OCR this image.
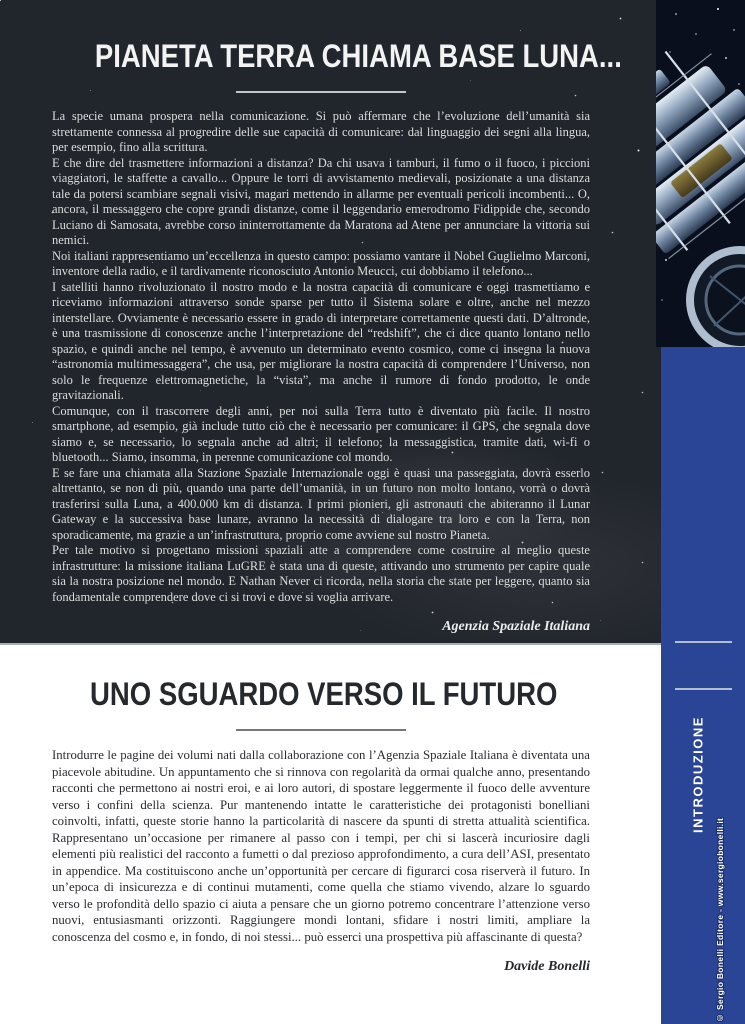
PIANETA TERRA CHIAMA BASE LUNA...

La specie umana prospera nella comunicazione. Si può affermare che l’evoluzione dell’umanità sia strettamente connessa al progredire delle sue capacità di comunicare: dal linguaggio dei segni alla lingua, per esempio, fino alla scrittura.

E che dire del trasmettere informazioni a distanza? Da chi usava i tamburi, il fumo o il fuoco, i piccioni viaggiatori, le staffette a cavallo... Oppure le torri di avvistamento medievali, posizionate a una distanza tale da potersi scambiare segnali visivi, magari mettendo in allarme per eventuali pericoli incombenti... O, ancora, il messaggero che copre grandi distanze, come il leggendario emerodromo Fidippide che, secondo Luciano di Samosata, avrebbe corso ininterrottamente da Maratona ad Atene per annunciare la vittoria sui nemici.

Noi italiani rappresentiamo un’eccellenza in questo campo: possiamo vantare il Nobel Guglielmo Marconi, inventore della radio, e il tardivamente riconosciuto Antonio Meucci, cui dobbiamo il telefono...

I satelliti hanno rivoluzionato il nostro modo e la nostra capacità di comunicare e oggi trasmettiamo e riceviamo informazioni attraverso sonde sparse per tutto il Sistema solare e oltre, anche nel mezzo interstellare. Ovviamente è necessario essere in grado di interpretare correttamente questi dati. D’altronde, è una trasmissione di conoscenze anche l’interpretazione del “redshift”, che ci dice quanto lontano nello spazio, e quindi anche nel tempo, è avvenuto un determinato evento cosmico, come ci insegna la nuova “astronomia multimessaggera”, che usa, per migliorare la nostra capacità di comprendere l’Universo, non solo le frequenze elettromagnetiche, la “vista”, ma anche il rumore di fondo prodotto, le onde gravitazionali.

Comunque, con il trascorrere degli anni, per noi sulla Terra tutto è diventato più facile. Il nostro smartphone, ad esempio, già include tutto ciò che è necessario per comunicare: il GPS, che segnala dove siamo e, se necessario, lo segnala anche ad altri; il telefono; la messaggistica, tramite dati, wi-fi o bluetooth... Siamo, insomma, in perenne comunicazione col mondo.

E se fare una chiamata alla Stazione Spaziale Internazionale oggi è quasi una passeggiata, dovrà esserlo altrettanto, se non di più, quando una parte dell’umanità, in un futuro non molto lontano, vorrà o dovrà trasferirsi sulla Luna, a 400.000 km di distanza. I primi pionieri, gli astronauti che abiteranno il Lunar Gateway e la successiva base lunare, avranno la necessità di dialogare tra loro e con la Terra, non sporadicamente, ma grazie a un’infrastruttura, proprio come avviene sul nostro Pianeta.

Per tale motivo si progettano missioni spaziali atte a comprendere come costruire al meglio queste infrastrutture: la missione italiana LuGRE è stata una di queste, attivando uno strumento per capire quale sia la nostra posizione nel mondo. E Nathan Never ci ricorda, nella storia che state per leggere, quanto sia fondamentale comprendere dove ci si trovi e dove si voglia arrivare.

Agenzia Spaziale Italiana
UNO SGUARDO VERSO IL FUTURO

Introdurre le pagine dei volumi nati dalla collaborazione con l’Agenzia Spaziale Italiana è diventata una piacevole abitudine. Un appuntamento che si rinnova con regolarità da ormai qualche anno, presentando racconti che permettono ai nostri eroi, e ai loro autori, di spostare leggermente il fuoco delle avventure verso i confini della scienza. Pur mantenendo intatte le caratteristiche dei protagonisti bonelliani coinvolti, infatti, queste storie hanno la particolarità di nascere da spunti di stretta attualità scientifica. Rappresentano un’occasione per rimanere al passo con i tempi, per chi si lascerà incuriosire dagli elementi più realistici del racconto a fumetti o dal prezioso approfondimento, a cura dell’ASI, presentato in appendice. Ma costituiscono anche un’opportunità per cercare di figurarci cosa riserverà il futuro. In un’epoca di insicurezza e di continui mutamenti, come quella che stiamo vivendo, alzare lo sguardo verso le profondità dello spazio ci aiuta a pensare che un giorno potremo concentrare l’attenzione verso nuovi, entusiasmanti orizzonti. Raggiungere mondi lontani, sfidare i nostri limiti, ampliare la conoscenza del cosmo e, in fondo, di noi stessi... può esserci una prospettiva più affascinante di questa?

Davide Bonelli
INTRODUZIONE
© Sergio Bonelli Editore - www.sergiobonelli.it
